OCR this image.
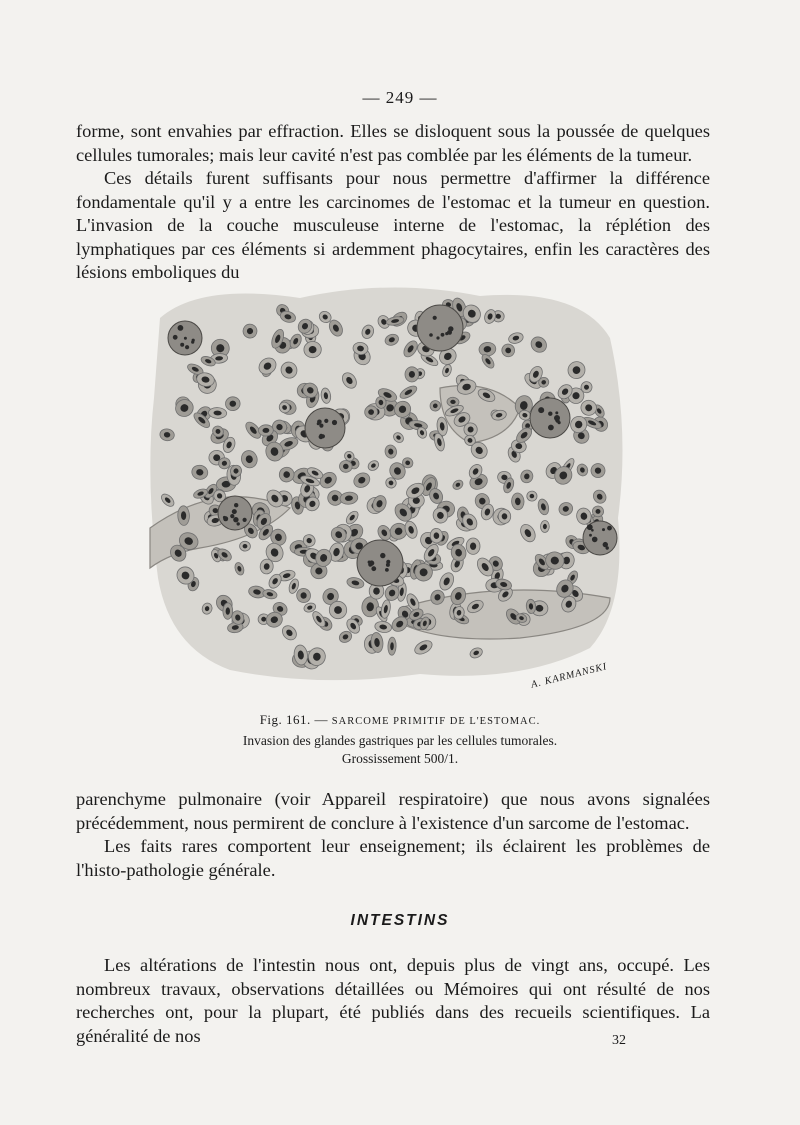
— 249 —
forme, sont envahies par effraction. Elles se disloquent sous la poussée de quelques cellules tumorales; mais leur cavité n'est pas comblée par les éléments de la tumeur.
Ces détails furent suffisants pour nous permettre d'affirmer la différence fondamentale qu'il y a entre les carcinomes de l'estomac et la tumeur en question. L'invasion de la couche musculeuse interne de l'estomac, la réplétion des lymphatiques par ces éléments si ardemment phagocytaires, enfin les caractères des lésions emboliques du
A. KARMANSKI

Fig. 161. — SARCOME PRIMITIF DE L'ESTOMAC.

Invasion des glandes gastriques par les cellules tumorales.

Grossissement 500/1.

parenchyme pulmonaire (voir Appareil respiratoire) que nous avons signalées précédemment, nous permirent de conclure à l'existence d'un sarcome de l'estomac.
Les faits rares comportent leur enseignement; ils éclairent les problèmes de l'histo-pathologie générale.
INTESTINS
Les altérations de l'intestin nous ont, depuis plus de vingt ans, occupé. Les nombreux travaux, observations détaillées ou Mémoires qui ont résulté de nos recherches ont, pour la plupart, été publiés dans des recueils scientifiques. La généralité de nos	32
